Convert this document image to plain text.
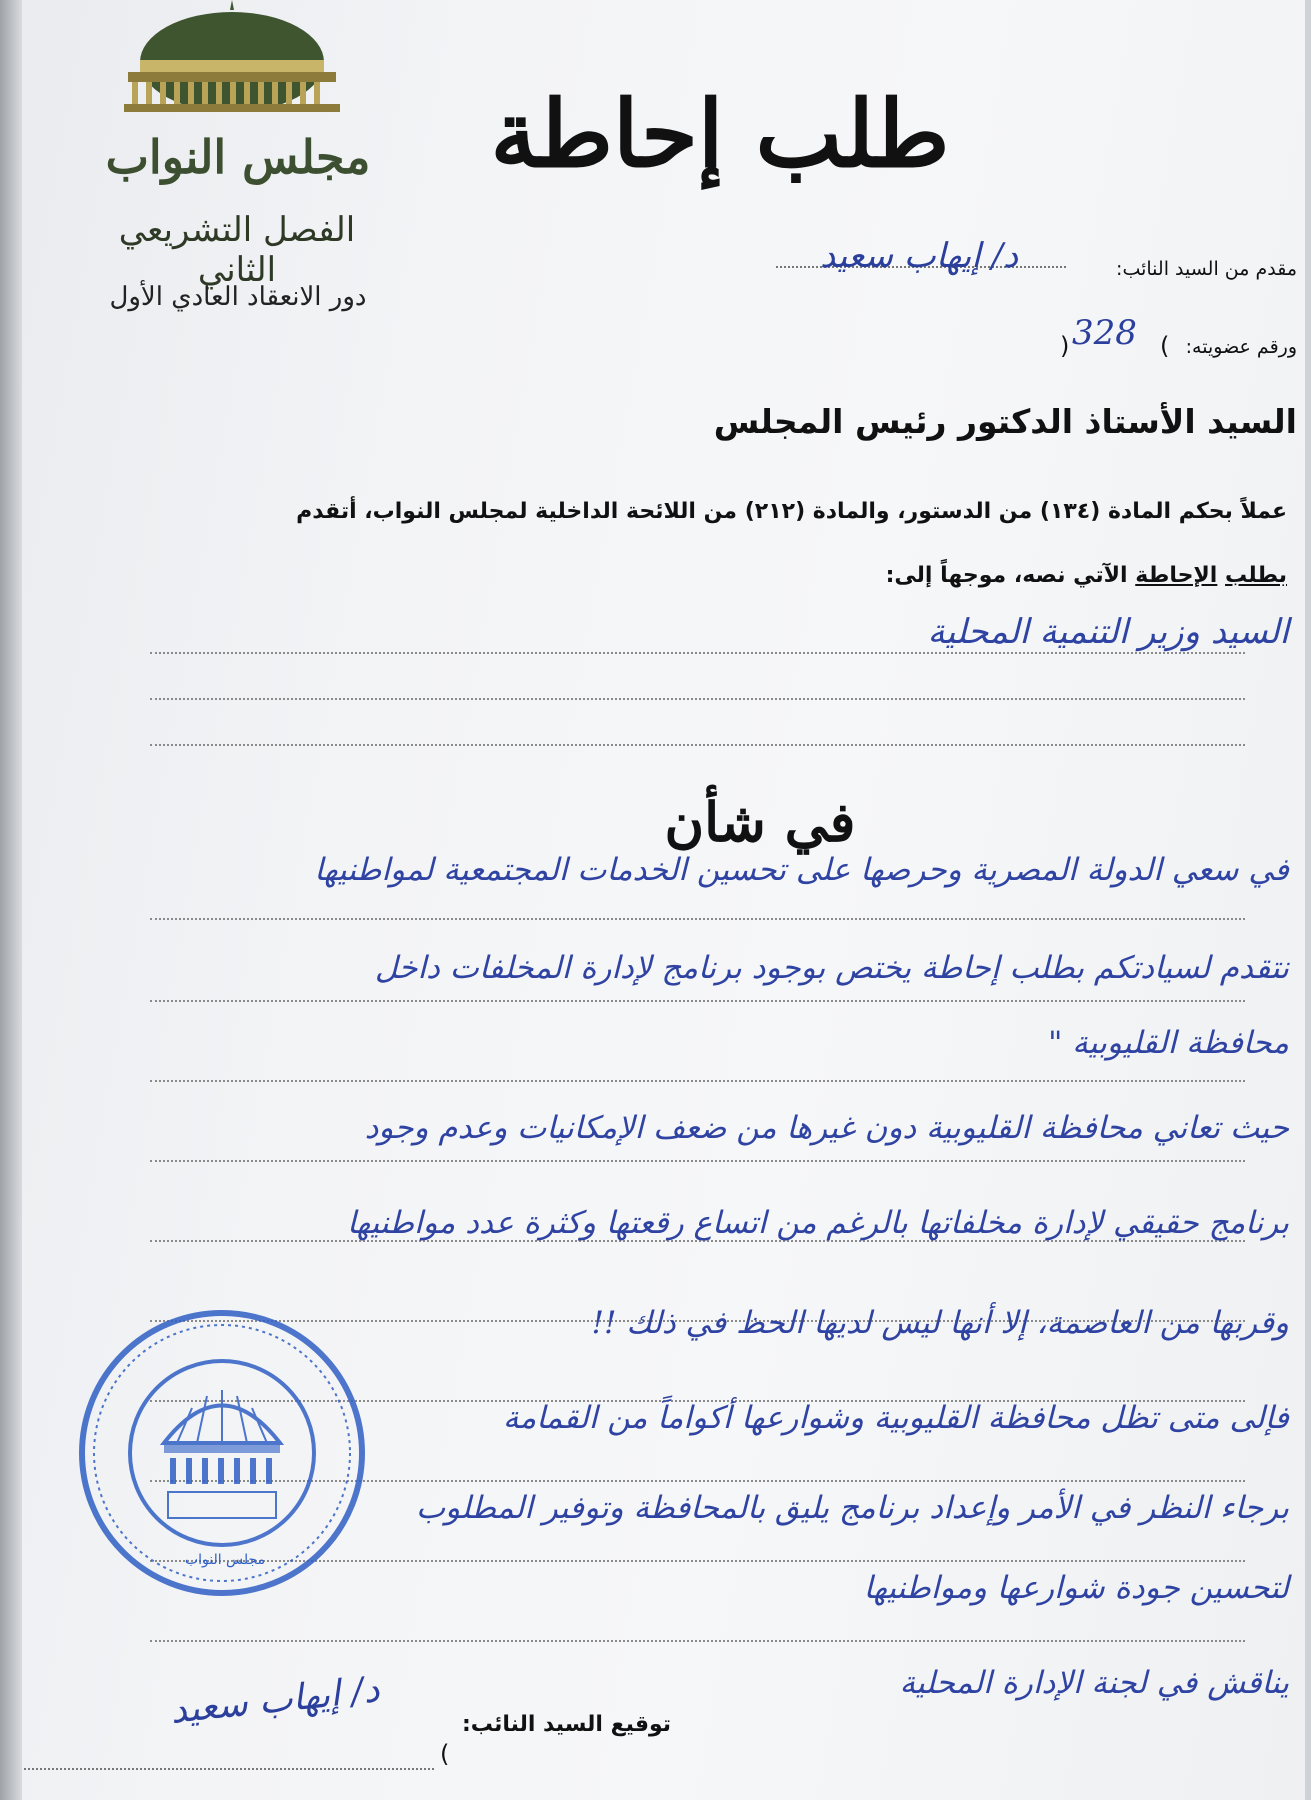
مجلس النواب
الفصل التشريعي الثاني
دور الانعقاد العادي الأول
طلب إحاطة
مقدم من السيد النائب:
د/ إيهاب سعيد
ورقم عضويته:
(
328
)
السيد الأستاذ الدكتور رئيس المجلس
عملاً بحكم المادة (١٣٤) من الدستور، والمادة (٢١٢) من اللائحة الداخلية لمجلس النواب، أتقدم
بطلب الإحاطة الآتي نصه، موجهاً إلى:
السيد وزير التنمية المحلية
في شأن
في سعي الدولة المصرية وحرصها على تحسين الخدمات المجتمعية لمواطنيها
نتقدم لسيادتكم بطلب إحاطة يختص بوجود برنامج لإدارة المخلفات داخل
محافظة القليوبية "
حيث تعاني محافظة القليوبية دون غيرها من ضعف الإمكانيات وعدم وجود
برنامج حقيقي لإدارة مخلفاتها بالرغم من اتساع رقعتها وكثرة عدد مواطنيها
وقربها من العاصمة، إلا أنها ليس لديها الحظ في ذلك !!
فإلى متى تظل محافظة القليوبية وشوارعها أكواماً من القمامة
برجاء النظر في الأمر وإعداد برنامج يليق بالمحافظة وتوفير المطلوب
لتحسين جودة شوارعها ومواطنيها
يناقش في لجنة الإدارة المحلية
مجلس النواب
توقيع السيد النائب:
(
د/ إيهاب سعيد
